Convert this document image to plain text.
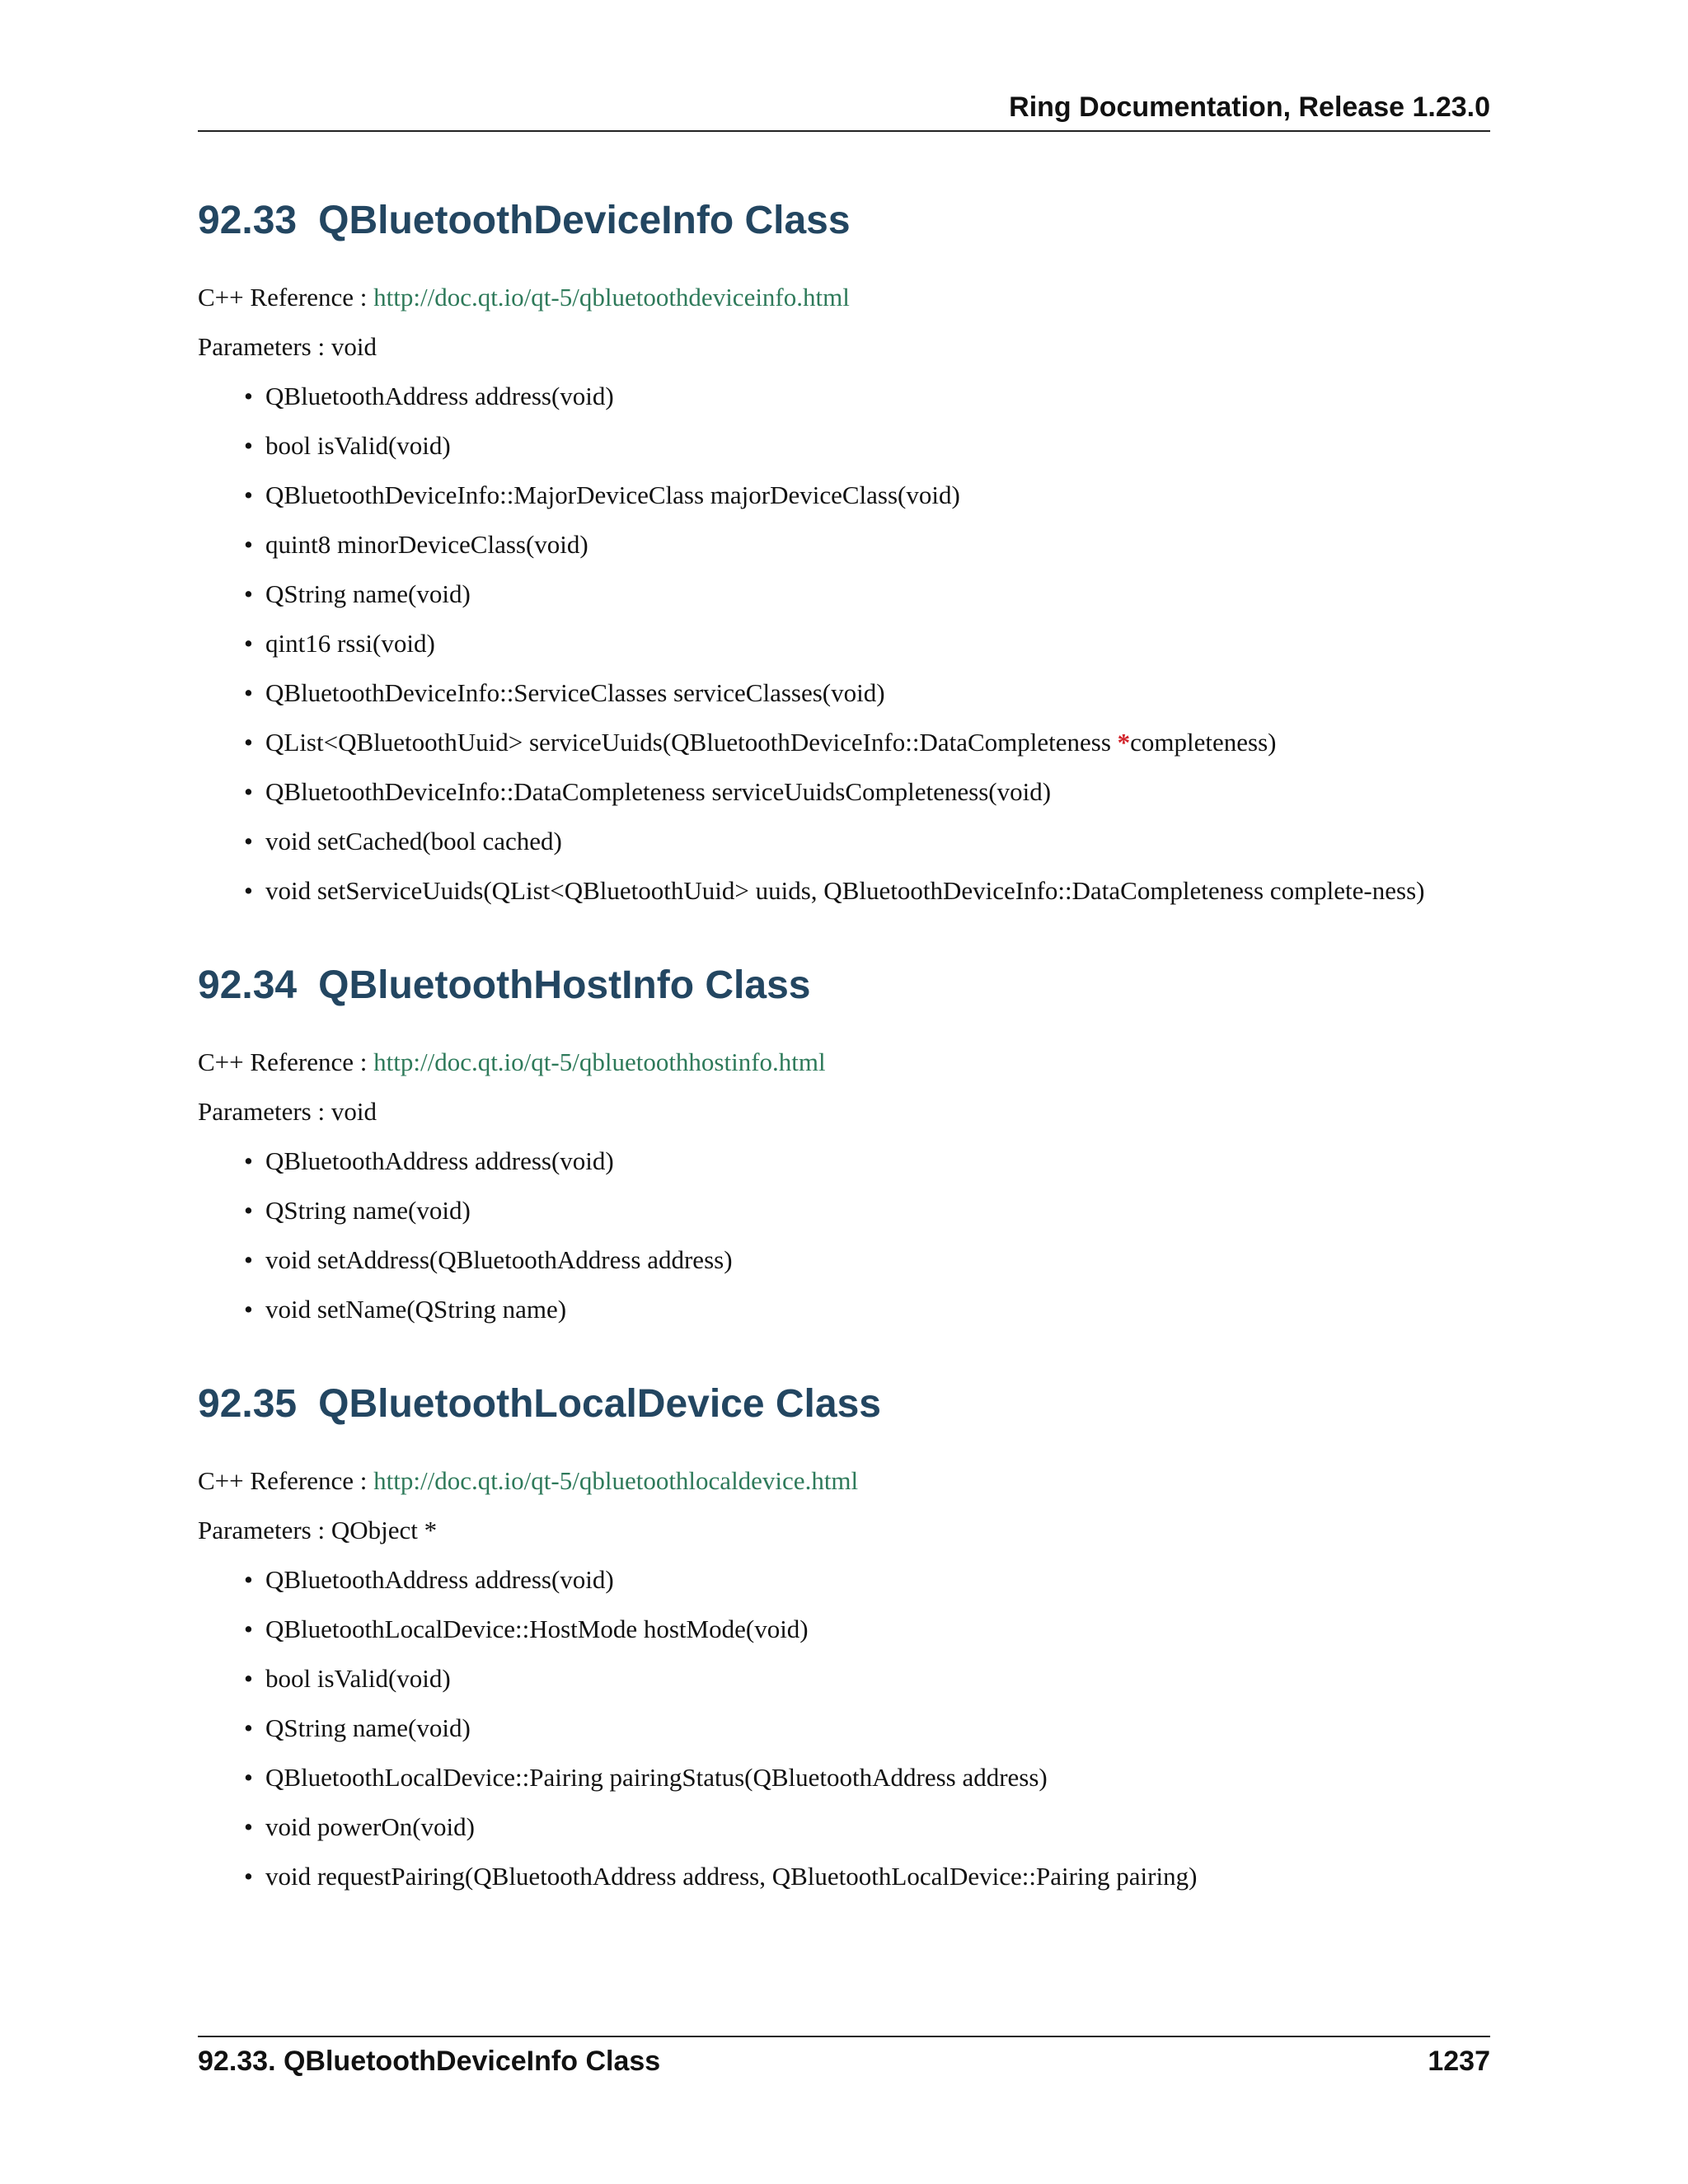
Ring Documentation, Release 1.23.0
92.33 QBluetoothDeviceInfo Class

C++ Reference : http://doc.qt.io/qt-5/qbluetoothdeviceinfo.html

Parameters : void

• QBluetoothAddress address(void)
• bool isValid(void)
• QBluetoothDeviceInfo::MajorDeviceClass majorDeviceClass(void)
• quint8 minorDeviceClass(void)
• QString name(void)
• qint16 rssi(void)
• QBluetoothDeviceInfo::ServiceClasses serviceClasses(void)
• QList<QBluetoothUuid> serviceUuids(QBluetoothDeviceInfo::DataCompleteness *completeness)
• QBluetoothDeviceInfo::DataCompleteness serviceUuidsCompleteness(void)
• void setCached(bool cached)
• void setServiceUuids(QList<QBluetoothUuid> uuids, QBluetoothDeviceInfo::DataCompleteness complete-ness)
92.34 QBluetoothHostInfo Class

C++ Reference : http://doc.qt.io/qt-5/qbluetoothhostinfo.html

Parameters : void

• QBluetoothAddress address(void)
• QString name(void)
• void setAddress(QBluetoothAddress address)
• void setName(QString name)
92.35 QBluetoothLocalDevice Class

C++ Reference : http://doc.qt.io/qt-5/qbluetoothlocaldevice.html

Parameters : QObject *

• QBluetoothAddress address(void)
• QBluetoothLocalDevice::HostMode hostMode(void)
• bool isValid(void)
• QString name(void)
• QBluetoothLocalDevice::Pairing pairingStatus(QBluetoothAddress address)
• void powerOn(void)
• void requestPairing(QBluetoothAddress address, QBluetoothLocalDevice::Pairing pairing)
92.33. QBluetoothDeviceInfo Class	1237
